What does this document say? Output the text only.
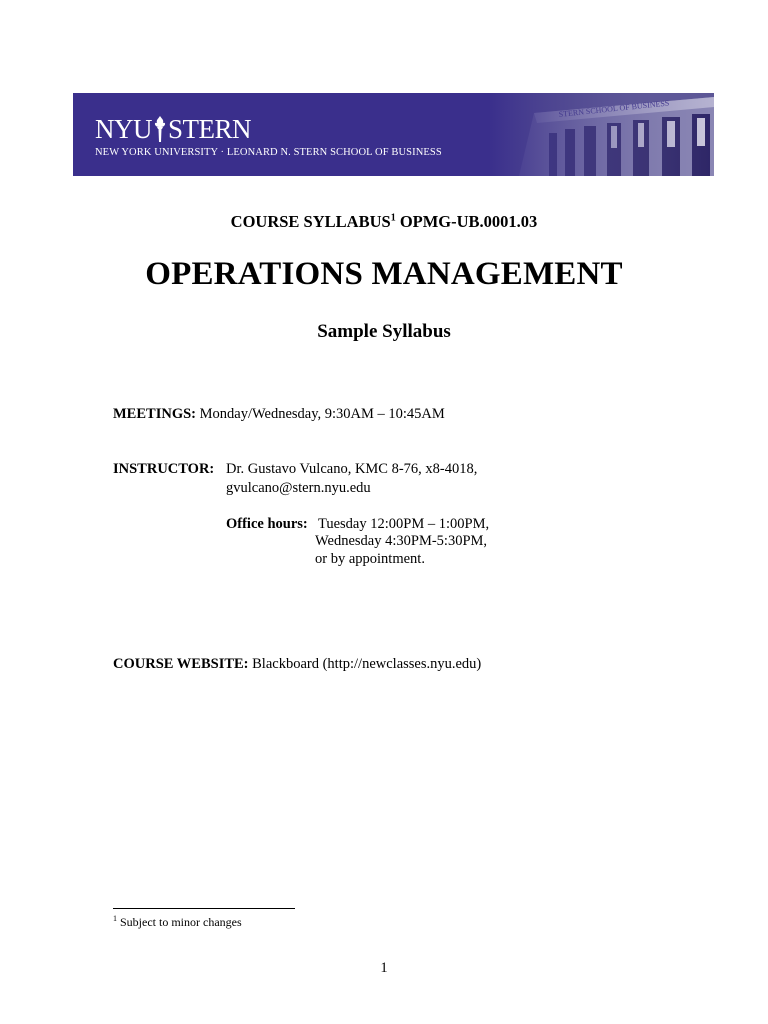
NYU STERN
NEW YORK UNIVERSITY · LEONARD N. STERN SCHOOL OF BUSINESS
COURSE SYLLABUS$^1$ OPMG-UB.0001.03
OPERATIONS MANAGEMENT
Sample Syllabus
MEETINGS: Monday/Wednesday, 9:30AM – 10:45AM
INSTRUCTOR: Dr. Gustavo Vulcano, KMC 8-76, x8-4018,
gvulcano@stern.nyu.edu
Office hours: Tuesday 12:00PM – 1:00PM,
Wednesday 4:30PM-5:30PM,
or by appointment.
COURSE WEBSITE: Blackboard (http://newclasses.nyu.edu)
$^1$ Subject to minor changes
1
